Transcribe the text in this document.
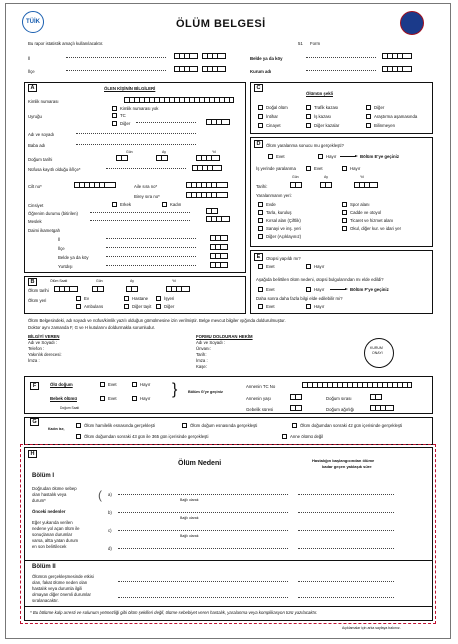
TÜİK	ÖLÜM BELGESİ
Bu rapor istatistik amaçlı kullanılacaktır.	51 Form
İl
İlçe
Belde ya da köy
Kurum adı
A	ÖLEN KİŞİNİN BİLGİLERİ
Kimlik numarası
Kimlik numarası yok
Uyruğu	TC
Diğer
Adı ve soyadı
Baba adı
Gün	Ay	Yıl
Doğum tarihi
Nüfusa kayıtlı olduğu il/ilçe*
Cilt no*	Aile sıra no*
Birey sıra no*
Cinsiyet	Erkek	Kadın
Öğrenim durumu (bitirilen)
Meslek
Daimi ikametgah
İl
İlçe
Belde ya da köy
Yurtdışı
B	Ölüm Saati	Gün	Ay	Yıl
Ölüm tarihi
Ölüm yeri	Ev	Hastane	İşyeri
Ambulans	Diğer tayit	Diğer
C
Ölümün şekli
Doğal ölüm	Trafik kazası	Diğer
İntihar	İş kazası	Araştırma aşamasında
Cinayet	Diğer kazalar	Bilinmeyen
D	Ölüm yaralanma sonucu mu gerçekleşti?
Evet	Hayır	Bölüm E'ye geçiniz
İş yerinde yaralanma	Evet	Hayır
Tarihi:
Gün	Ay	Yıl
Yaralanmanın yeri:
Evde	Spor alanı
Tarla, kuruluş	Cadde ve otoyol
Kırsal alan (Çiftlik)	Ticaret ve hizmet alanı
Sanayi ve inş. yeri	Okul, diğer kur. ve idari yer
Diğer (Açıklayınız)
E	Otopsi yapıldı mı?
Evet	Hayır
Aşağıda belirtilen ölüm nedeni, otopsi bulgularından mı elde edildi?
Evet	Hayır	Bölüm F'ye geçiniz
Daha sonra daha fazla bilgi elde edilebilir mi?
Evet	Hayır
Ölüm Belgesindeki, adı soyadı ve nüfus/kimlik yazılı olduğun gömülmesine izin verilmiştir. Belge mevcut bilgiler ışığında doldurulmuştur.
Doktor aynı zamanda F, G ve H kutularını doldurmakla sorumludur.
BİLGİYİ VEREN
Adı ve Soyadı :
Telefon :
Yakınlık derecesi:
İmza :
FORMU DOLDURAN HEKİM
Adı ve Soyadı :
Ünvanı:
Tarih:
İmza :
Kaşe:
KURUM
ONAYI
F	Ölü doğum	Evet	Hayır
Bebek ölümü	Evet	Hayır
Doğum Saati
}	Bölüm G'ye geçiniz
Annenin TC No
Annenin yaşı	Doğum sırası
Gebelik süresi	Doğum ağırlığı
G
Kadın ise,
Ölüm hamilelik esnasında gerçekleşti	Ölüm doğum esnasında gerçekleşti	Ölüm doğumdan sonraki 42 gün içerisinde gerçekleşti
Ölüm doğumdan sonraki 43 gün ile 365 gün içerisinde gerçekleşti	Anne ölümü değil
H
Ölüm Nedeni	Hastalığın başlangıcından ölüme
kadar geçen yaklaşık süre
Bölüm I
Doğrudan ölüme sebep
olan hastalık veya
durum*
Önceki nedenler
Eğer yukarıda verilen
nedene yol açan ölüm ile
sonuçlanan durumlar
varsa, altta yatan durum
en son belirtilecek
( a)
Bağlı olarak
b)
Bağlı olarak
c)
Bağlı olarak
d)
Bölüm II
Ölümün gerçekleşmesinde etkisi
olan, fakat ölüme neden olan
hastalık veya durumla ilgili
olmayan diğer önemli durumlar
sıralanacaktır.
* Bu bölüme kalp arresti ve solunum yetmezliği gibi ölüm şekilleri değil, ölüme sebebiyet veren hastalık, yaralanma veya komplikasyon türü yazılacaktır.
Açıklamalar için arka sayfaya bakınız.
